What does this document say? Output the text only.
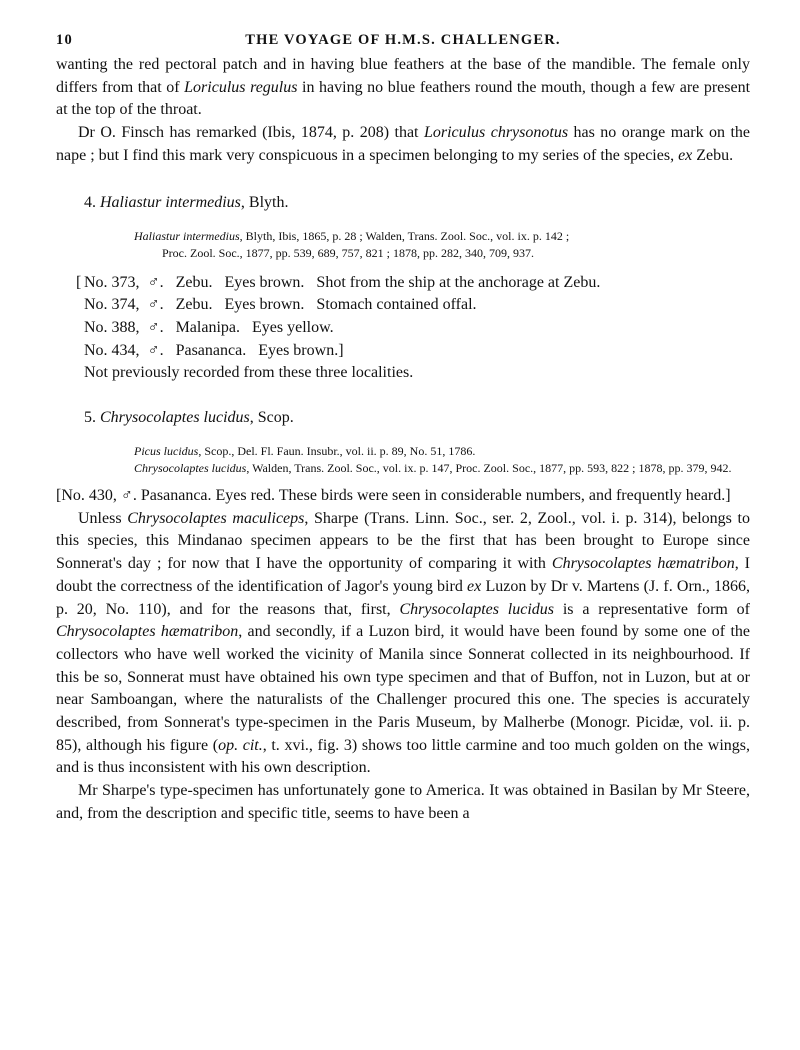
10	THE VOYAGE OF H.M.S. CHALLENGER.

wanting the red pectoral patch and in having blue feathers at the base of the mandible. The female only differs from that of Loriculus regulus in having no blue feathers round the mouth, though a few are present at the top of the throat.

Dr O. Finsch has remarked (Ibis, 1874, p. 208) that Loriculus chrysonotus has no orange mark on the nape ; but I find this mark very conspicuous in a specimen belonging to my series of the species, ex Zebu.

4. Haliastur intermedius, Blyth.

Haliastur intermedius, Blyth, Ibis, 1865, p. 28 ; Walden, Trans. Zool. Soc., vol. ix. p. 142 ;

Proc. Zool. Soc., 1877, pp. 539, 689, 757, 821 ; 1878, pp. 282, 340, 709, 937.

[ No. 373, ♂. Zebu. Eyes brown. Shot from the ship at the anchorage at Zebu.
No. 374, ♂. Zebu. Eyes brown. Stomach contained offal.
No. 388, ♂. Malanipa. Eyes yellow.
No. 434, ♂. Pasananca. Eyes brown.]

Not previously recorded from these three localities.

5. Chrysocolaptes lucidus, Scop.

Picus lucidus, Scop., Del. Fl. Faun. Insubr., vol. ii. p. 89, No. 51, 1786.

Chrysocolaptes lucidus, Walden, Trans. Zool. Soc., vol. ix. p. 147, Proc. Zool. Soc., 1877, pp. 593, 822 ; 1878, pp. 379, 942.

[No. 430, ♂. Pasananca. Eyes red. These birds were seen in considerable numbers, and frequently heard.]

Unless Chrysocolaptes maculiceps, Sharpe (Trans. Linn. Soc., ser. 2, Zool., vol. i. p. 314), belongs to this species, this Mindanao specimen appears to be the first that has been brought to Europe since Sonnerat's day ; for now that I have the opportunity of comparing it with Chrysocolaptes hæmatribon, I doubt the correctness of the identification of Jagor's young bird ex Luzon by Dr v. Martens (J. f. Orn., 1866, p. 20, No. 110), and for the reasons that, first, Chrysocolaptes lucidus is a representative form of Chrysocolaptes hæmatribon, and secondly, if a Luzon bird, it would have been found by some one of the collectors who have well worked the vicinity of Manila since Sonnerat collected in its neighbourhood. If this be so, Sonnerat must have obtained his own type specimen and that of Buffon, not in Luzon, but at or near Samboangan, where the naturalists of the Challenger procured this one. The species is accurately described, from Sonnerat's type-specimen in the Paris Museum, by Malherbe (Monogr. Picidæ, vol. ii. p. 85), although his figure (op. cit., t. xvi., fig. 3) shows too little carmine and too much golden on the wings, and is thus inconsistent with his own description.

Mr Sharpe's type-specimen has unfortunately gone to America. It was obtained in Basilan by Mr Steere, and, from the description and specific title, seems to have been a
